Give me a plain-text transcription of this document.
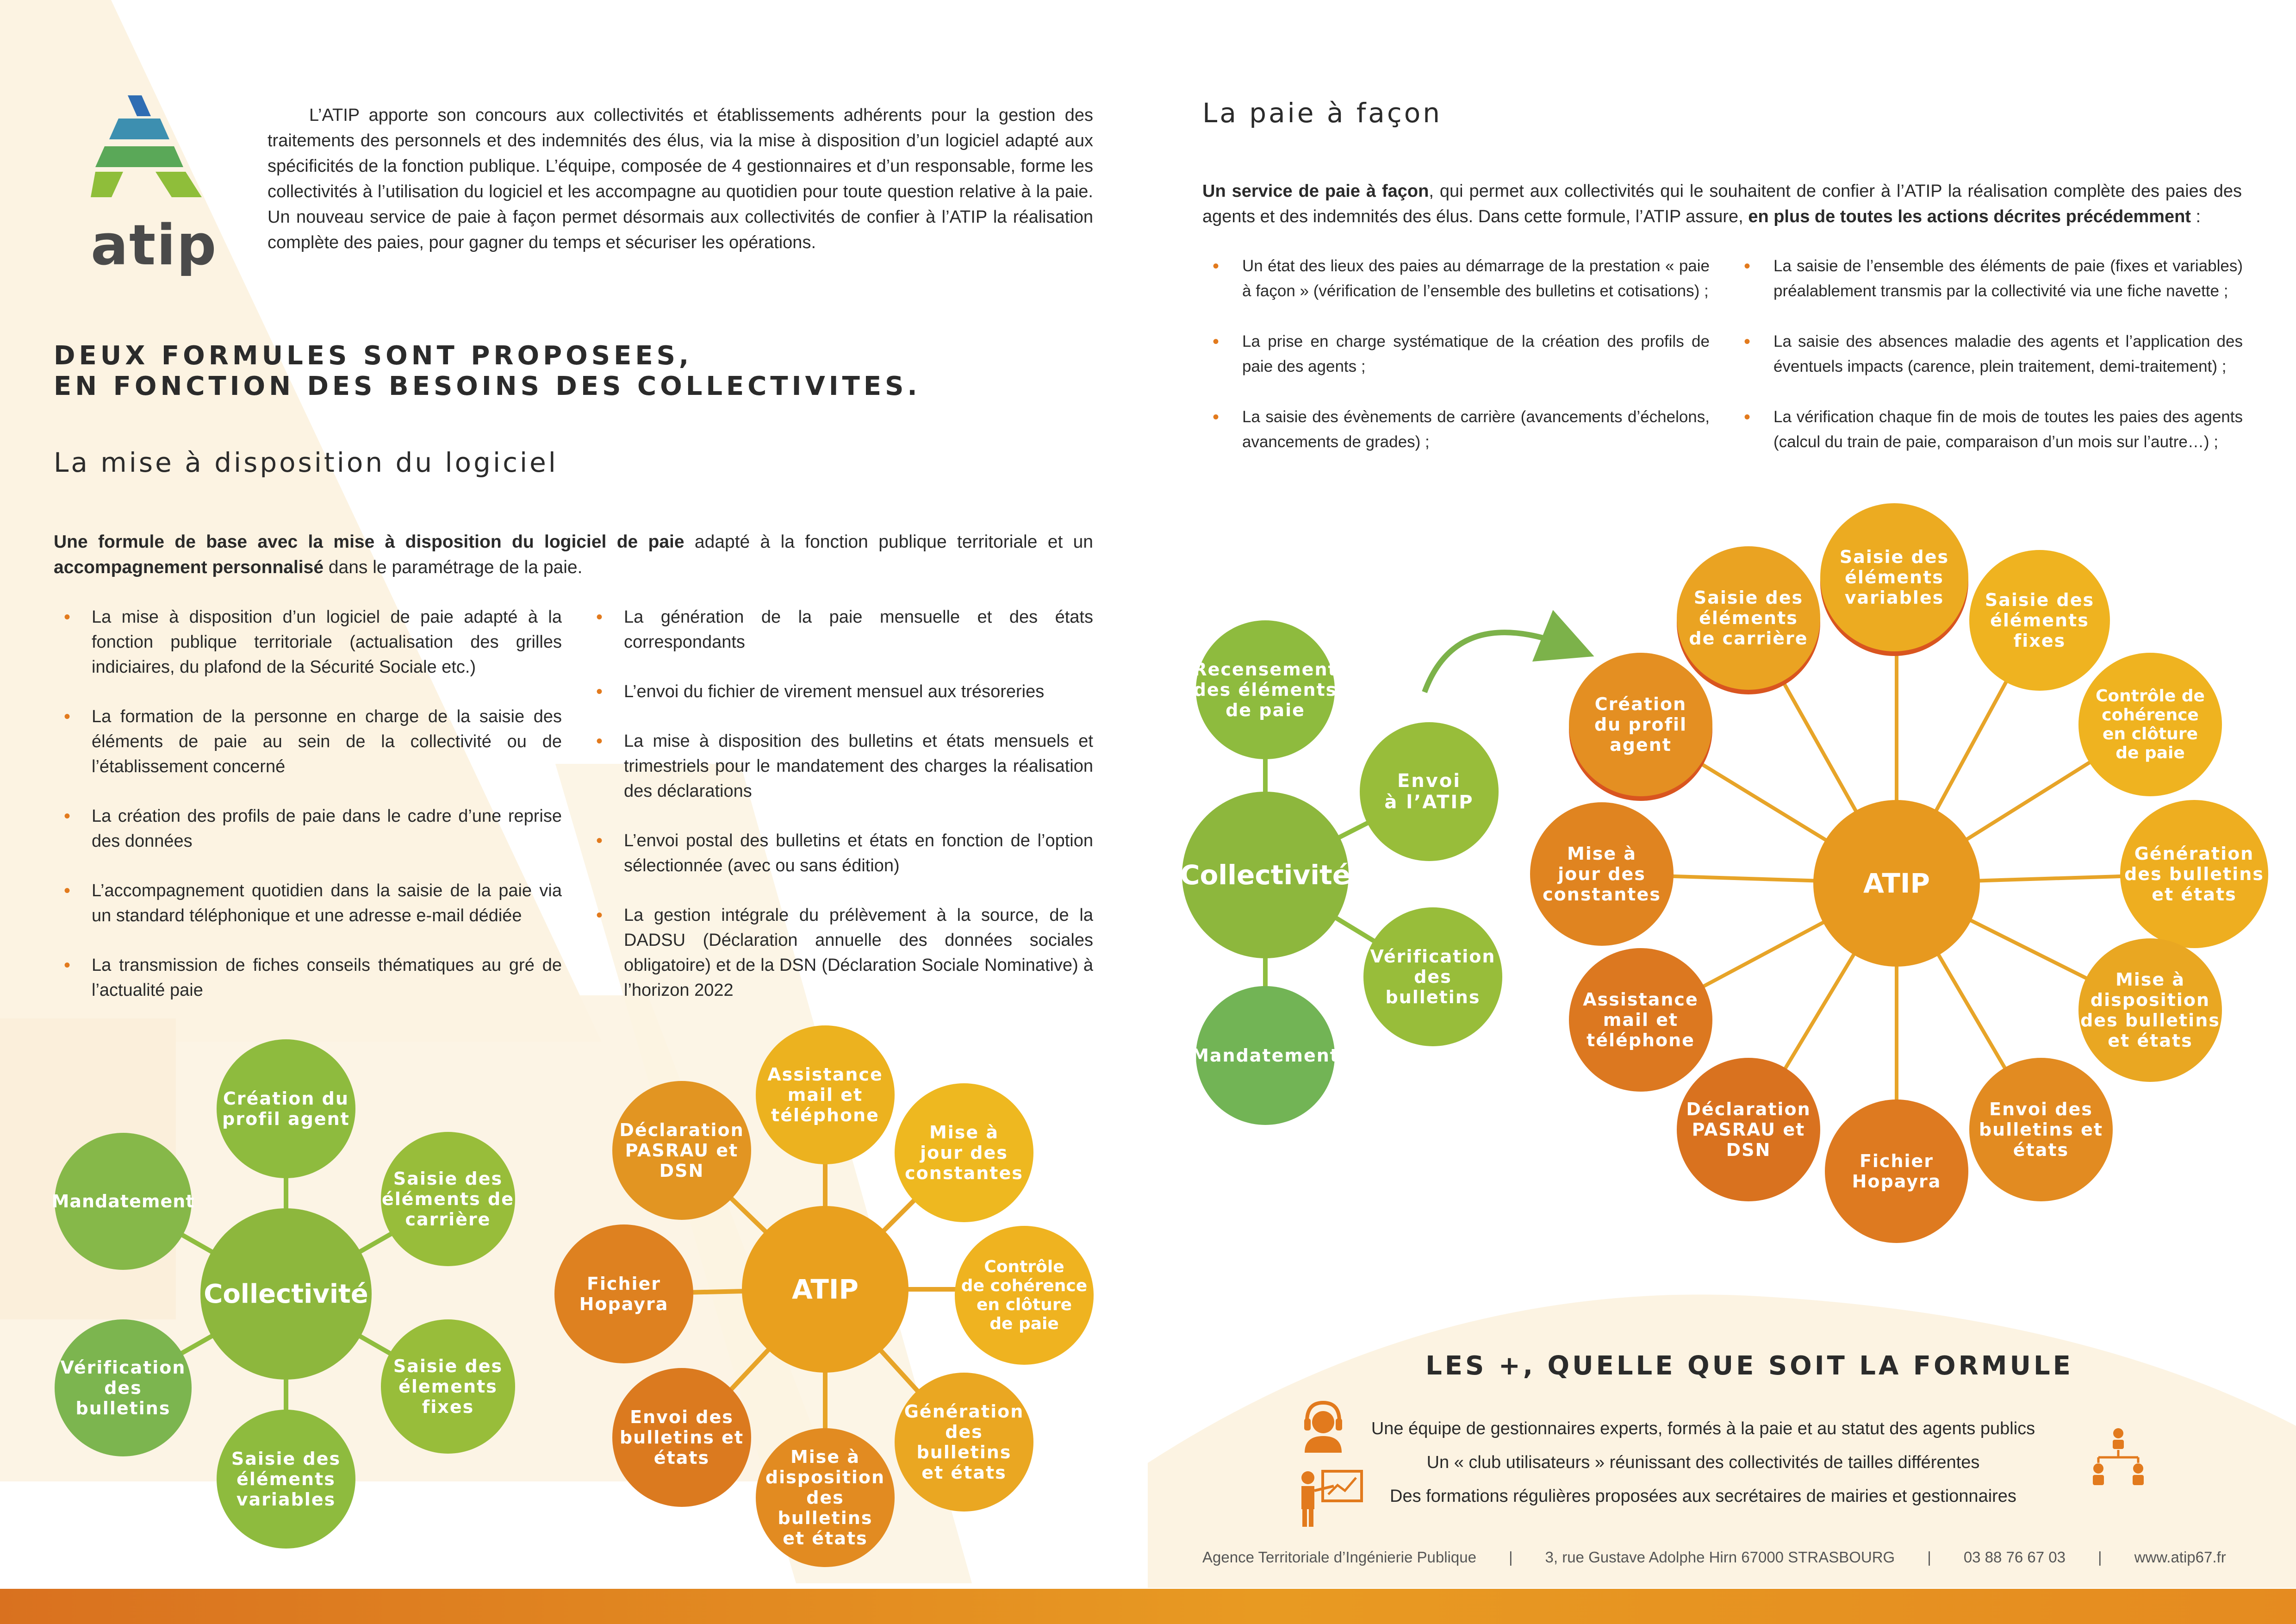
atip
L’ATIP apporte son concours aux collectivités et établissements adhérents pour la gestion des traitements des personnels et des indemnités des élus, via la mise à disposition d’un logiciel adapté aux spécificités de la fonction publique. L’équipe, composée de 4 gestionnaires et d’un responsable, forme les collectivités à l’utilisation du logiciel et les accompagne au quotidien pour toute question relative à la paie. Un nouveau service de paie à façon permet désormais aux collectivités de confier à l’ATIP la réalisation complète des paies, pour gagner du temps et sécuriser les opérations.
DEUX FORMULES SONT PROPOSEES,
EN FONCTION DES BESOINS DES COLLECTIVITES.
La mise à disposition du logiciel
Une formule de base avec la mise à disposition du logiciel de paie adapté à la fonction publique territoriale et un accompagnement personnalisé dans le paramétrage de la paie.
• La mise à disposition d’un logiciel de paie adapté à la fonction publique territoriale (actualisation des grilles indiciaires, du plafond de la Sécurité Sociale etc.)
• La formation de la personne en charge de la saisie des éléments de paie au sein de la collectivité ou de l’établissement concerné
• La création des profils de paie dans le cadre d’une reprise des données
• L’accompagnement quotidien dans la saisie de la paie via un standard téléphonique et une adresse e-mail dédiée
• La transmission de fiches conseils thématiques au gré de l’actualité paie
• La génération de la paie mensuelle et des états correspondants
• L’envoi du fichier de virement mensuel aux trésoreries
• La mise à disposition des bulletins et états mensuels et trimestriels pour le mandatement des charges la réalisation des déclarations
• L’envoi postal des bulletins et états en fonction de l’option sélectionnée (avec ou sans édition)
• La gestion intégrale du prélèvement à la source, de la DADSU (Déclaration annuelle des données sociales obligatoire) et de la DSN (Déclaration Sociale Nominative) à l’horizon 2022
La paie à façon
Un service de paie à façon, qui permet aux collectivités qui le souhaitent de confier à l’ATIP la réalisation complète des paies des agents et des indemnités des élus. Dans cette formule, l’ATIP assure, en plus de toutes les actions décrites précédemment :
• Un état des lieux des paies au démarrage de la prestation « paie à façon » (vérification de l’ensemble des bulletins et cotisations) ;
• La prise en charge systématique de la création des profils de paie des agents ;
• La saisie des évènements de carrière (avancements d’échelons, avancements de grades) ;
• La saisie de l’ensemble des éléments de paie (fixes et variables) préalablement transmis par la collectivité via une fiche navette ;
• La saisie des absences maladie des agents et l’application des éventuels impacts (carence, plein traitement, demi-traitement) ;
• La vérification chaque fin de mois de toutes les paies des agents (calcul du train de paie, comparaison d’un mois sur l’autre…) ;
Collectivité
Création du
profil agent
Saisie des
éléments de
carrière
Saisie des
élements
fixes
Saisie des
éléments
variables
Vérification
des bulletins
Mandatement
ATIP
Assistance
mail et
téléphone
Mise à
jour des
constantes
Contrôle
de cohérence
en clôture
de paie
Génération
des bulletins
et états
Mise à
disposition
des bulletins
et états
Envoi des
bulletins et
états
Fichier
Hopayra
Déclaration
PASRAU et
DSN
Collectivité
Recensement
des éléments
de paie
Envoi
à l’ATIP
Vérification
des bulletins
Mandatement
ATIP
Saisie des
éléments
variables Saisie des
éléments
fixes
Contrôle de
cohérence
en clôture
de paie
Génération
des bulletins
et états
Mise à
disposition
des bulletins
et états
Envoi des
bulletins et
états
Fichier
Hopayra
Déclaration
PASRAU et
DSN
Assistance
mail et
téléphone
Mise à
jour des
constantes
Création
du profil
agent
Saisie des
éléments
de carrière
LES +, QUELLE QUE SOIT LA FORMULE
Une équipe de gestionnaires experts, formés à la paie et au statut des agents publics
Un « club utilisateurs » réunissant des collectivités de tailles différentes
Des formations régulières proposées aux secrétaires de mairies et gestionnaires
Agence Territoriale d’Ingénierie Publique | 3, rue Gustave Adolphe Hirn 67000 STRASBOURG | 03 88 76 67 03 | www.atip67.fr
